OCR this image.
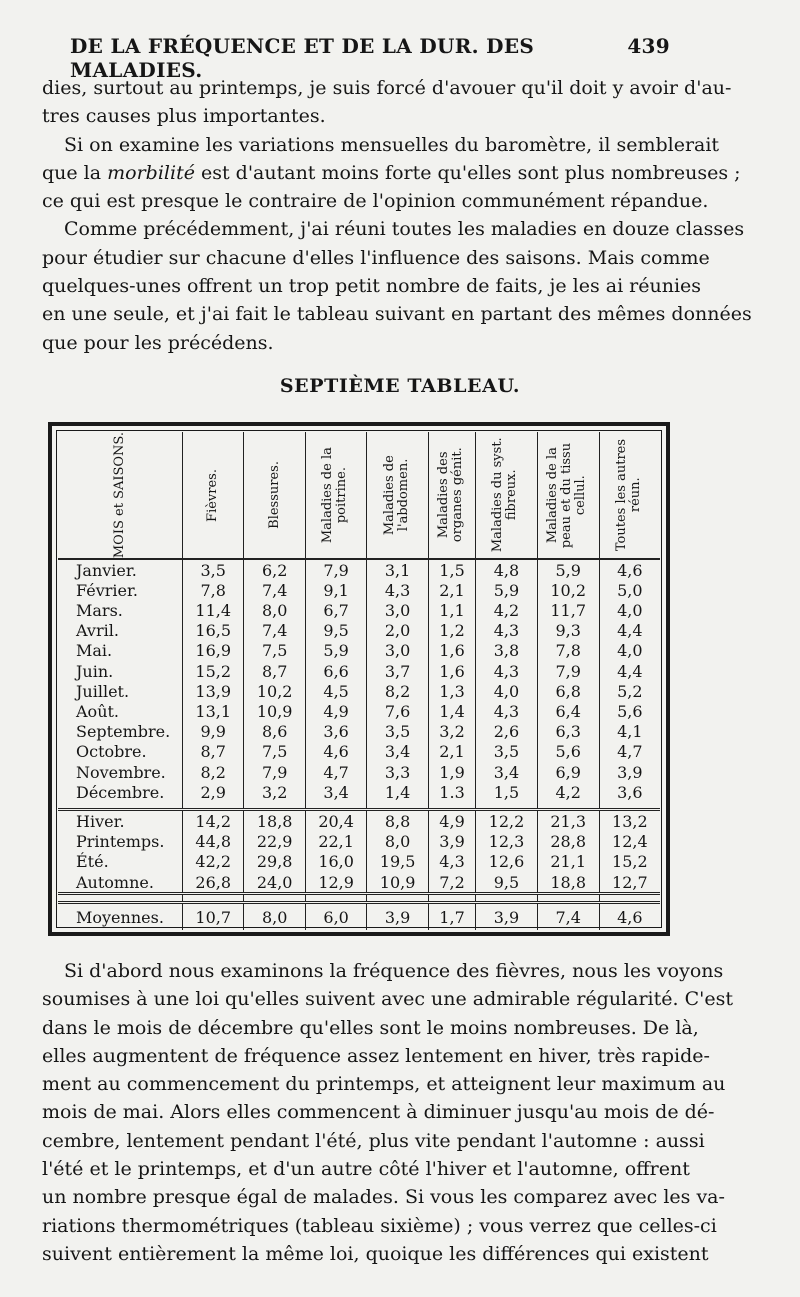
DE LA FRÉQUENCE ET DE LA DUR. DES MALADIES.
439
dies, surtout au printemps, je suis forcé d'avouer qu'il doit y avoir d'au-
tres causes plus importantes.
Si on examine les variations mensuelles du baromètre, il semblerait
que la morbilité est d'autant moins forte qu'elles sont plus nombreuses ;
ce qui est presque le contraire de l'opinion communément répandue.
Comme précédemment, j'ai réuni toutes les maladies en douze classes
pour étudier sur chacune d'elles l'influence des saisons. Mais comme
quelques-unes offrent un trop petit nombre de faits, je les ai réunies
en une seule, et j'ai fait le tableau suivant en partant des mêmes données
que pour les précédens.
SEPTIÈME TABLEAU.
MOIS et SAISONS.	Fièvres.	Blessures.	Maladies de la poitrine.	Maladies de l'abdomen.	Maladies des organes génit.	Maladies du syst. fibreux.	Maladies de la peau et du tissu cellul.	Toutes les autres réun.

Janvier.	3,5	6,2	7,9	3,1	1,5	4,8	5,9	4,6
Février.	7,8	7,4	9,1	4,3	2,1	5,9	10,2	5,0
Mars.	11,4	8,0	6,7	3,0	1,1	4,2	11,7	4,0
Avril.	16,5	7,4	9,5	2,0	1,2	4,3	9,3	4,4
Mai.	16,9	7,5	5,9	3,0	1,6	3,8	7,8	4,0
Juin.	15,2	8,7	6,6	3,7	1,6	4,3	7,9	4,4
Juillet.	13,9	10,2	4,5	8,2	1,3	4,0	6,8	5,2
Août.	13,1	10,9	4,9	7,6	1,4	4,3	6,4	5,6
Septembre.	9,9	8,6	3,6	3,5	3,2	2,6	6,3	4,1
Octobre.	8,7	7,5	4,6	3,4	2,1	3,5	5,6	4,7
Novembre.	8,2	7,9	4,7	3,3	1,9	3,4	6,9	3,9
Décembre.	2,9	3,2	3,4	1,4	1.3	1,5	4,2	3,6

Hiver.	14,2	18,8	20,4	8,8	4,9	12,2	21,3	13,2
Printemps.	44,8	22,9	22,1	8,0	3,9	12,3	28,8	12,4
Été.	42,2	29,8	16,0	19,5	4,3	12,6	21,1	15,2
Automne.	26,8	24,0	12,9	10,9	7,2	9,5	18,8	12,7

Moyennes.	10,7	8,0	6,0	3,9	1,7	3,9	7,4	4,6
Si d'abord nous examinons la fréquence des fièvres, nous les voyons
soumises à une loi qu'elles suivent avec une admirable régularité. C'est
dans le mois de décembre qu'elles sont le moins nombreuses. De là,
elles augmentent de fréquence assez lentement en hiver, très rapide-
ment au commencement du printemps, et atteignent leur maximum au
mois de mai. Alors elles commencent à diminuer jusqu'au mois de dé-
cembre, lentement pendant l'été, plus vite pendant l'automne : aussi
l'été et le printemps, et d'un autre côté l'hiver et l'automne, offrent
un nombre presque égal de malades. Si vous les comparez avec les va-
riations thermométriques (tableau sixième) ; vous verrez que celles-ci
suivent entièrement la même loi, quoique les différences qui existent
